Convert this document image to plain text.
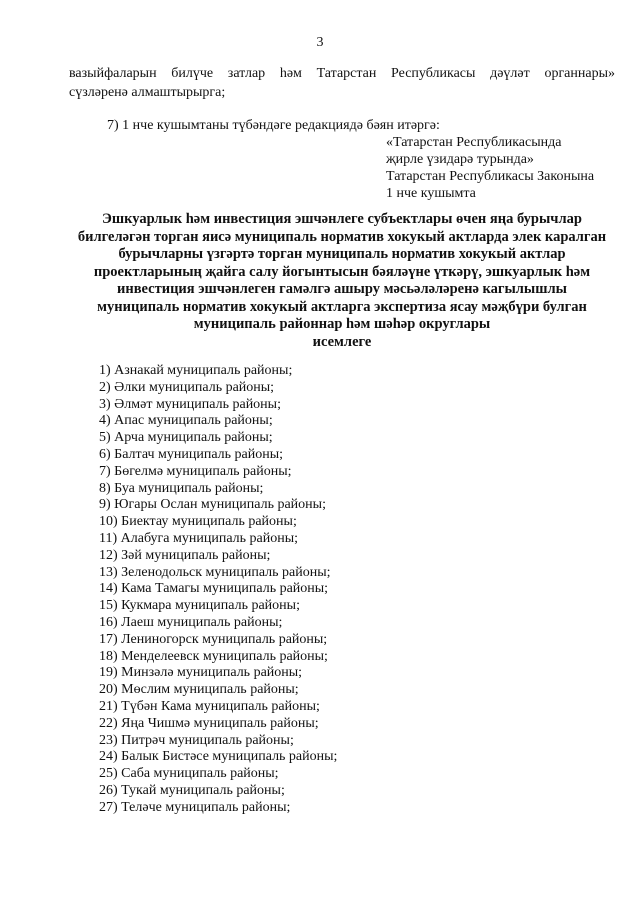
3
вазыйфаларын билүче затлар һәм Татарстан Республикасы дәүләт органнары»
сүзләренә алмаштырырга;
7) 1 нче кушымтаны түбәндәге редакциядә бәян итәргә:
«Татарстан Республикасында
җирле үзидарә турында»
Татарстан Республикасы Законына
1 нче кушымта
Эшкуарлык һәм инвестиция эшчәнлеге субъектлары өчен яңа бурычлар
билгеләгән торган яисә муниципаль норматив хокукый актларда элек каралган
бурычларны үзгәртә торган муниципаль норматив хокукый актлар
проектларының җайга салу йогынтысын бәяләүне үткәрү, эшкуарлык һәм
инвестиция эшчәнлеген гамәлгә ашыру мәсьәләләренә кагылышлы
муниципаль норматив хокукый актларга экспертиза ясау мәҗбүри булган
муниципаль районнар һәм шәһәр округлары
исемлеге
1) Азнакай муниципаль районы;
2) Әлки муниципаль районы;
3) Әлмәт муниципаль районы;
4) Апас муниципаль районы;
5) Арча муниципаль районы;
6) Балтач муниципаль районы;
7) Бөгелмә муниципаль районы;
8) Буа муниципаль районы;
9) Югары Ослан муниципаль районы;
10) Биектау муниципаль районы;
11) Алабуга муниципаль районы;
12) Зәй муниципаль районы;
13) Зеленодольск муниципаль районы;
14) Кама Тамагы муниципаль районы;
15) Кукмара муниципаль районы;
16) Лаеш муниципаль районы;
17) Лениногорск муниципаль районы;
18) Менделеевск муниципаль районы;
19) Минзәлә муниципаль районы;
20) Мөслим муниципаль районы;
21) Түбән Кама муниципаль районы;
22) Яңа Чишмә муниципаль районы;
23) Питрәч муниципаль районы;
24) Балык Бистәсе муниципаль районы;
25) Саба муниципаль районы;
26) Тукай муниципаль районы;
27) Теләче муниципаль районы;
